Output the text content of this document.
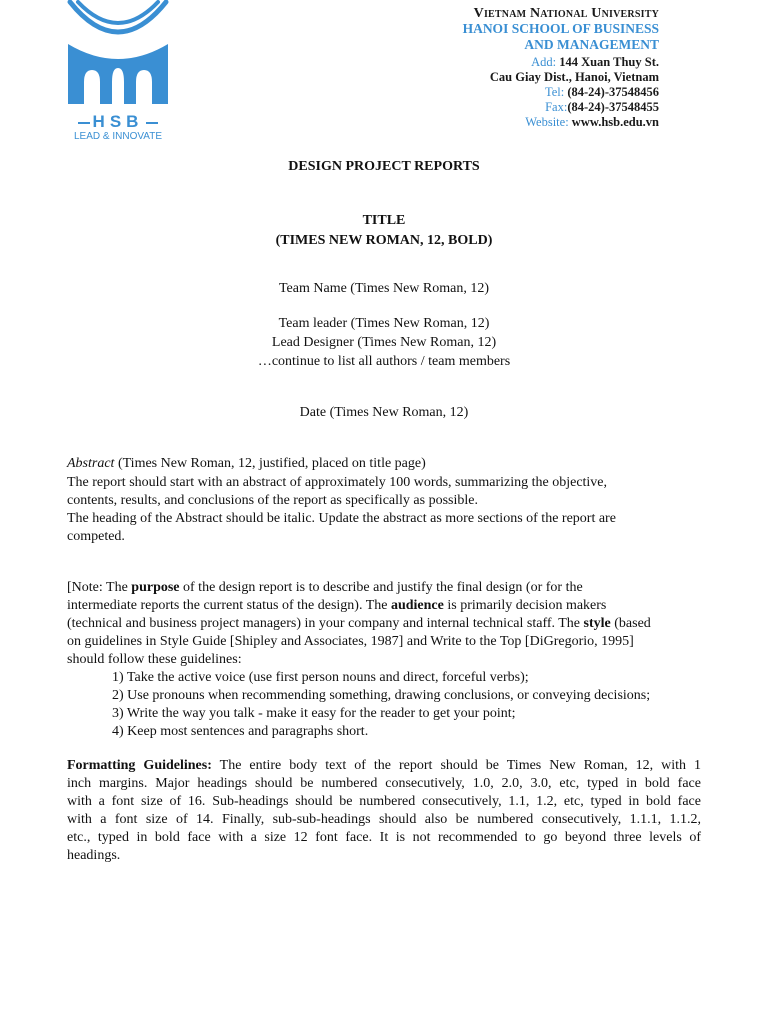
HSB
LEAD & INNOVATE
Vietnam National University
HANOI SCHOOL OF BUSINESS
AND MANAGEMENT
Add: 144 Xuan Thuy St.
Cau Giay Dist., Hanoi, Vietnam
Tel: (84-24)-37548456
Fax:(84-24)-37548455
Website: www.hsb.edu.vn
DESIGN PROJECT REPORTS
TITLE
(TIMES NEW ROMAN, 12, BOLD)
Team Name (Times New Roman, 12)
Team leader (Times New Roman, 12)
Lead Designer (Times New Roman, 12)
…continue to list all authors / team members
Date (Times New Roman, 12)
Abstract (Times New Roman, 12, justified, placed on title page)
The report should start with an abstract of approximately 100 words, summarizing the objective,
contents, results, and conclusions of the report as specifically as possible.
The heading of the Abstract should be italic. Update the abstract as more sections of the report are
competed.
[Note: The purpose of the design report is to describe and justify the final design (or for the
intermediate reports the current status of the design). The audience is primarily decision makers
(technical and business project managers) in your company and internal technical staff. The style (based
on guidelines in Style Guide [Shipley and Associates, 1987] and Write to the Top [DiGregorio, 1995]
should follow these guidelines:
1) Take the active voice (use first person nouns and direct, forceful verbs);
2) Use pronouns when recommending something, drawing conclusions, or conveying decisions;
3) Write the way you talk - make it easy for the reader to get your point;
4) Keep most sentences and paragraphs short.
Formatting Guidelines: The entire body text of the report should be Times New Roman, 12, with 1
inch margins. Major headings should be numbered consecutively, 1.0, 2.0, 3.0, etc, typed in bold face
with a font size of 16. Sub-headings should be numbered consecutively, 1.1, 1.2, etc, typed in bold face
with a font size of 14. Finally, sub-sub-headings should also be numbered consecutively, 1.1.1, 1.1.2,
etc., typed in bold face with a size 12 font face. It is not recommended to go beyond three levels of
headings.
